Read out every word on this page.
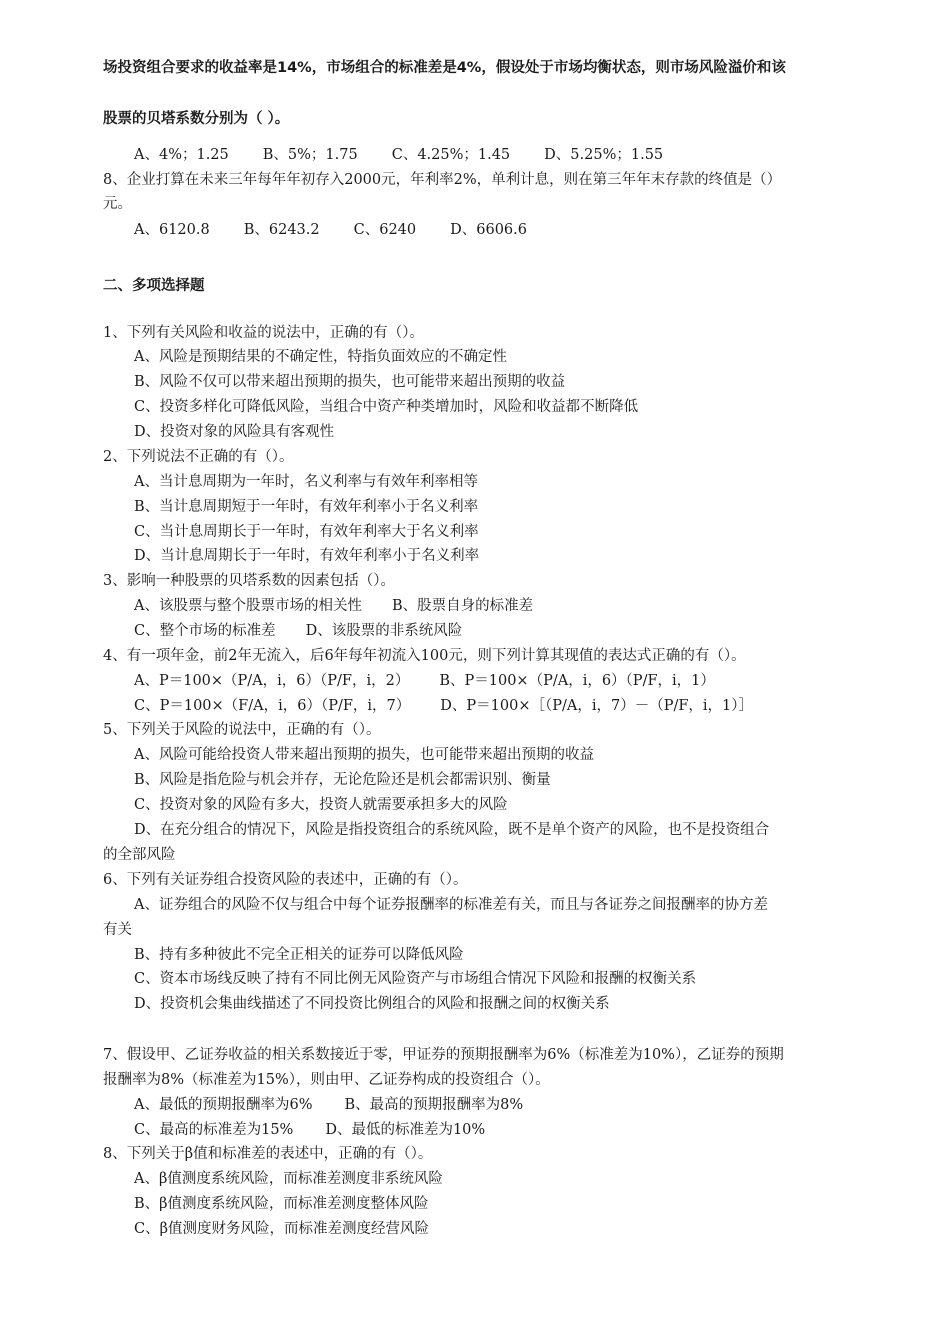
场投资组合要求的收益率是14%，市场组合的标准差是4%，假设处于市场均衡状态，则市场风险溢价和该
股票的贝塔系数分别为（ ）。
A、4%；1.25 B、5%；1.75 C、4.25%；1.45 D、5.25%；1.55
8、企业打算在未来三年每年年初存入2000元，年利率2%，单利计息，则在第三年年末存款的终值是（）
元。
A、6120.8 B、6243.2 C、6240 D、6606.6
二、多项选择题
1、下列有关风险和收益的说法中，正确的有（）。
A、风险是预期结果的不确定性，特指负面效应的不确定性
B、风险不仅可以带来超出预期的损失，也可能带来超出预期的收益
C、投资多样化可降低风险，当组合中资产种类增加时，风险和收益都不断降低
D、投资对象的风险具有客观性
2、下列说法不正确的有（）。
A、当计息周期为一年时，名义利率与有效年利率相等
B、当计息周期短于一年时，有效年利率小于名义利率
C、当计息周期长于一年时，有效年利率大于名义利率
D、当计息周期长于一年时，有效年利率小于名义利率
3、影响一种股票的贝塔系数的因素包括（）。
A、该股票与整个股票市场的相关性 B、股票自身的标准差
C、整个市场的标准差 D、该股票的非系统风险
4、有一项年金，前2年无流入，后6年每年初流入100元，则下列计算其现值的表达式正确的有（）。
A、P＝100×（P/A，i，6）（P/F，i，2） B、P＝100×（P/A，i，6）（P/F，i，1）
C、P＝100×（F/A，i，6）（P/F，i，7） D、P＝100×［（P/A，i，7）－（P/F，i，1）］
5、下列关于风险的说法中，正确的有（）。
A、风险可能给投资人带来超出预期的损失，也可能带来超出预期的收益
B、风险是指危险与机会并存，无论危险还是机会都需识别、衡量
C、投资对象的风险有多大，投资人就需要承担多大的风险
D、在充分组合的情况下，风险是指投资组合的系统风险，既不是单个资产的风险，也不是投资组合
的全部风险
6、下列有关证券组合投资风险的表述中，正确的有（）。
A、证券组合的风险不仅与组合中每个证券报酬率的标准差有关，而且与各证券之间报酬率的协方差
有关
B、持有多种彼此不完全正相关的证券可以降低风险
C、资本市场线反映了持有不同比例无风险资产与市场组合情况下风险和报酬的权衡关系
D、投资机会集曲线描述了不同投资比例组合的风险和报酬之间的权衡关系
7、假设甲、乙证券收益的相关系数接近于零，甲证券的预期报酬率为6%（标准差为10%），乙证券的预期
报酬率为8%（标准差为15%），则由甲、乙证券构成的投资组合（）。
A、最低的预期报酬率为6% B、最高的预期报酬率为8%
C、最高的标准差为15% D、最低的标准差为10%
8、下列关于β值和标准差的表述中，正确的有（）。
A、β值测度系统风险，而标准差测度非系统风险
B、β值测度系统风险，而标准差测度整体风险
C、β值测度财务风险，而标准差测度经营风险
